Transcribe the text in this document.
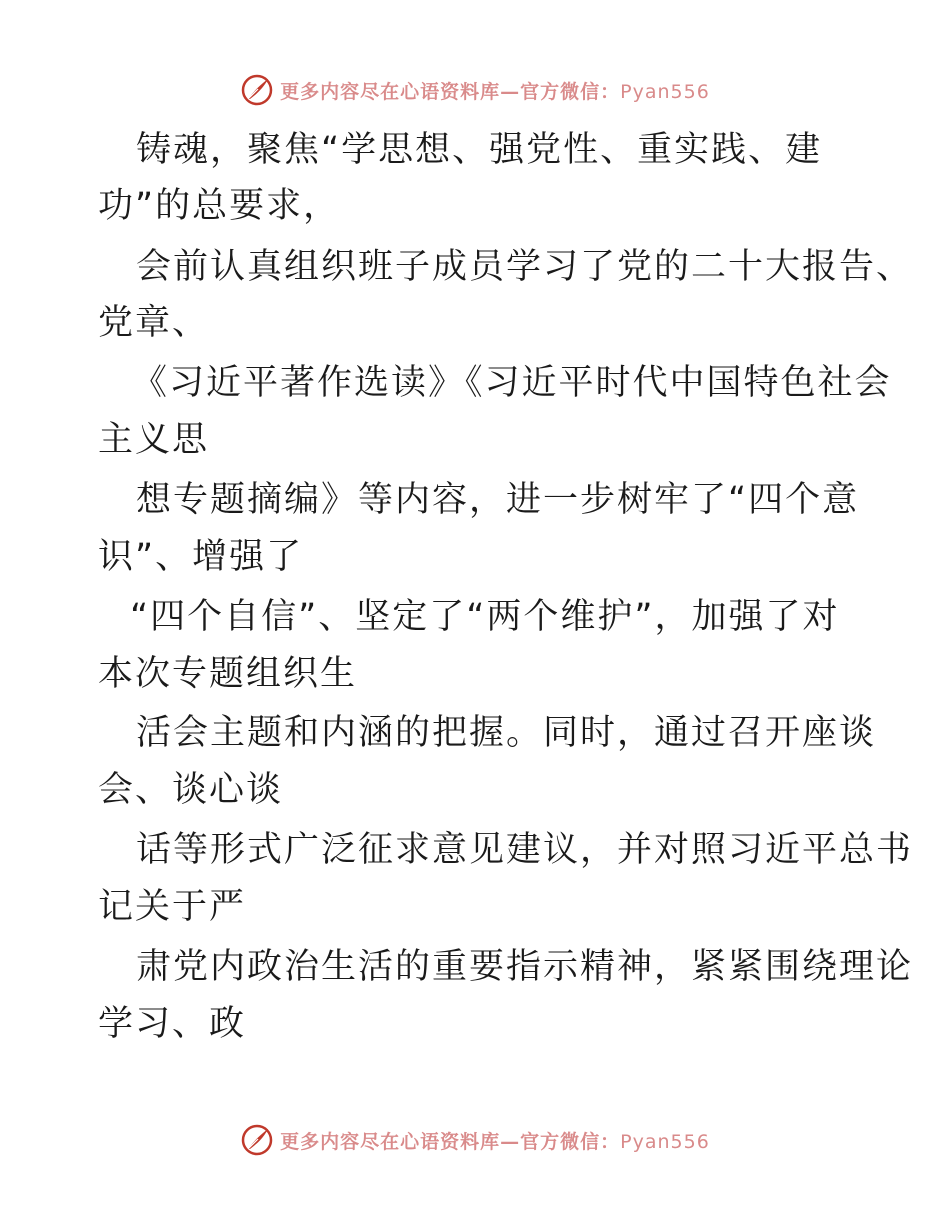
更多内容尽在心语资料库—官方微信：Pyan556
铸魂，聚焦“学思想、强党性、重实践、建
功”的总要求，
会前认真组织班子成员学习了党的二十大报告、
党章、
《习近平著作选读》《习近平时代中国特色社会
主义思
想专题摘编》等内容，进一步树牢了“四个意
识”、增强了
“四个自信”、坚定了“两个维护”，加强了对
本次专题组织生
活会主题和内涵的把握。同时，通过召开座谈
会、谈心谈
话等形式广泛征求意见建议，并对照习近平总书
记关于严
肃党内政治生活的重要指示精神，紧紧围绕理论
学习、政
更多内容尽在心语资料库—官方微信：Pyan556
